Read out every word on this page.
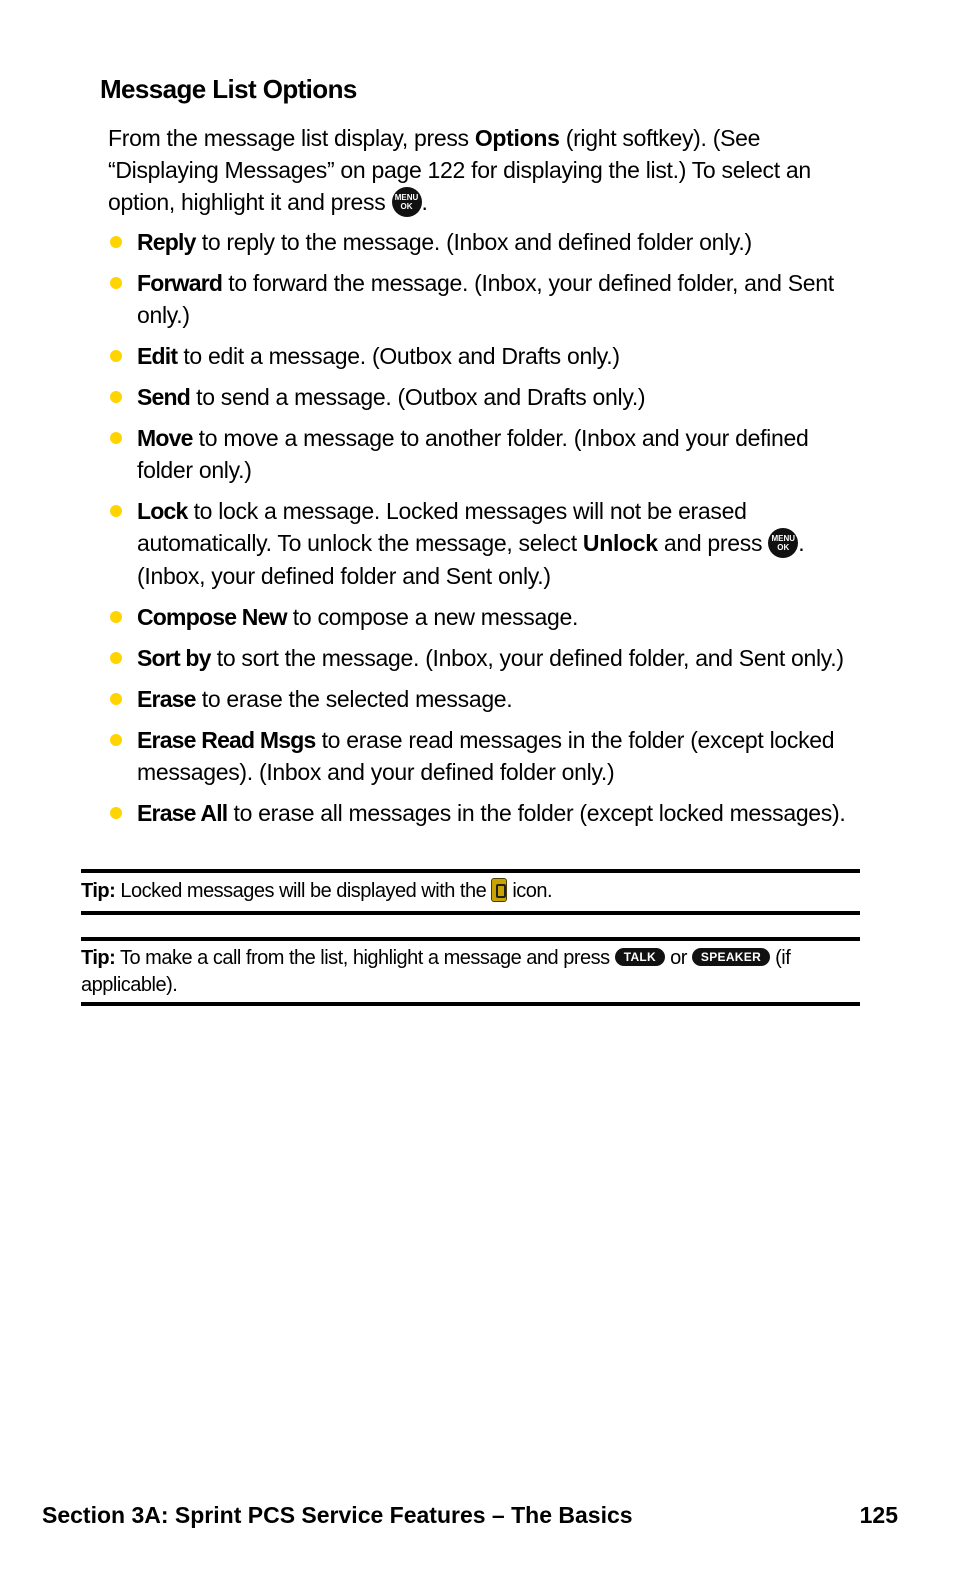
Message List Options
From the message list display, press Options (right softkey). (See “Displaying Messages” on page 122 for displaying the list.) To select an option, highlight it and press MENU
OK .
Reply to reply to the message. (Inbox and defined folder only.)
Forward to forward the message. (Inbox, your defined folder, and Sent only.)
Edit to edit a message. (Outbox and Drafts only.)
Send to send a message. (Outbox and Drafts only.)
Move to move a message to another folder. (Inbox and your defined folder only.)
Lock to lock a message. Locked messages will not be erased automatically. To unlock the message, select Unlock and press MENU
OK . (Inbox, your defined folder and Sent only.)
Compose New to compose a new message.
Sort by to sort the message. (Inbox, your defined folder, and Sent only.)
Erase to erase the selected message.
Erase Read Msgs to erase read messages in the folder (except locked messages). (Inbox and your defined folder only.)
Erase All to erase all messages in the folder (except locked messages).
Tip: Locked messages will be displayed with the  icon.
Tip: To make a call from the list, highlight a message and press TALK or SPEAKER (if applicable).
Section 3A: Sprint PCS Service Features – The Basics	125
